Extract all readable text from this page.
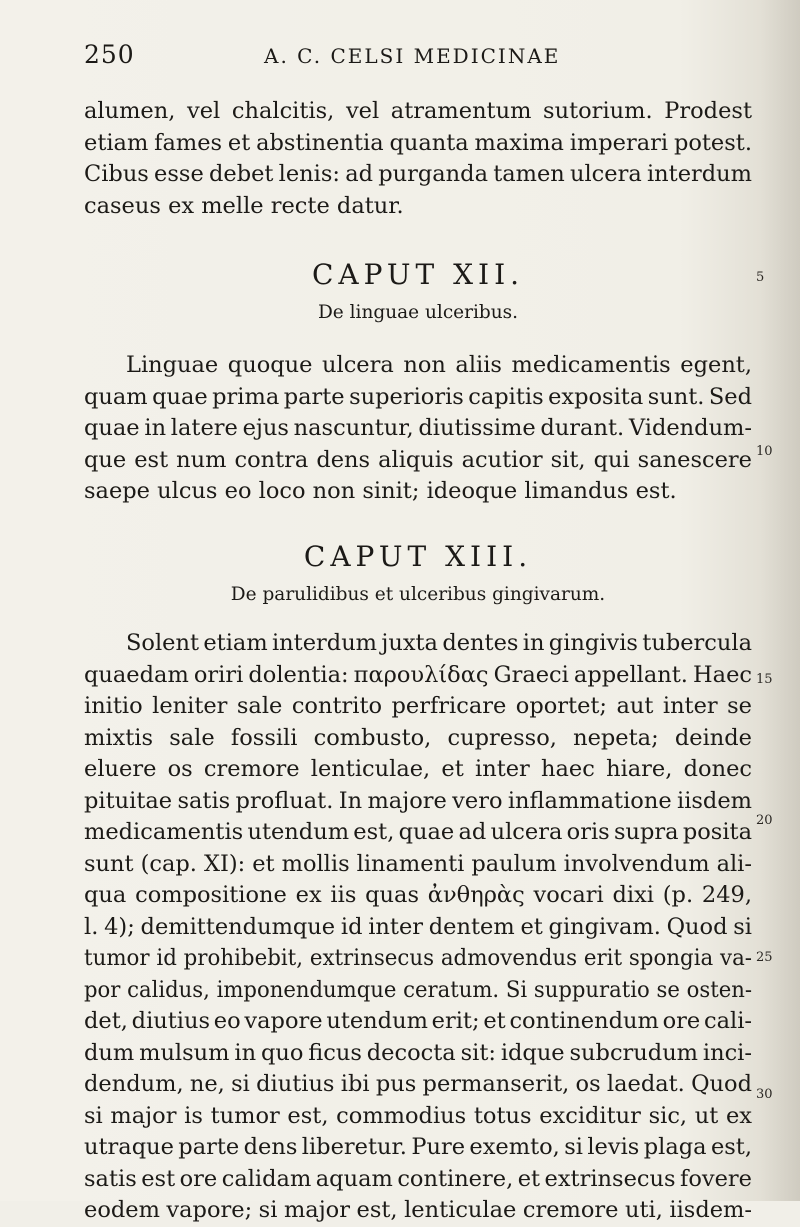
250	A. C. CELSI MEDICINAE
alumen, vel chalcitis, vel atramentum sutorium. Prodest
etiam fames et abstinentia quanta maxima imperari potest.
Cibus esse debet lenis: ad purganda tamen ulcera interdum
caseus ex melle recte datur.
CAPUT XII.
De linguae ulceribus.
Linguae quoque ulcera non aliis medicamentis egent,
quam quae prima parte superioris capitis exposita sunt. Sed
quae in latere ejus nascuntur, diutissime durant. Videndum-
que est num contra dens aliquis acutior sit, qui sanescere
saepe ulcus eo loco non sinit; ideoque limandus est.
CAPUT XIII.
De parulidibus et ulceribus gingivarum.
Solent etiam interdum juxta dentes in gingivis tubercula
quaedam oriri dolentia: παρουλίδας Graeci appellant. Haec
initio leniter sale contrito perfricare oportet; aut inter se
mixtis sale fossili combusto, cupresso, nepeta; deinde
eluere os cremore lenticulae, et inter haec hiare, donec
pituitae satis profluat. In majore vero inflammatione iisdem
medicamentis utendum est, quae ad ulcera oris supra posita
sunt (cap. XI): et mollis linamenti paulum involvendum ali-
qua compositione ex iis quas ἀνθηρὰς vocari dixi (p. 249,
l. 4); demittendumque id inter dentem et gingivam. Quod si
tumor id prohibebit, extrinsecus admovendus erit spongia va-
por calidus, imponendumque ceratum. Si suppuratio se osten-
det, diutius eo vapore utendum erit; et continendum ore cali-
dum mulsum in quo ficus decocta sit: idque subcrudum inci-
dendum, ne, si diutius ibi pus permanserit, os laedat. Quod
si major is tumor est, commodius totus exciditur sic, ut ex
utraque parte dens liberetur. Pure exemto, si levis plaga est,
satis est ore calidam aquam continere, et extrinsecus fovere
eodem vapore; si major est, lenticulae cremore uti, iisdem-
5
10
15
20
25
30
